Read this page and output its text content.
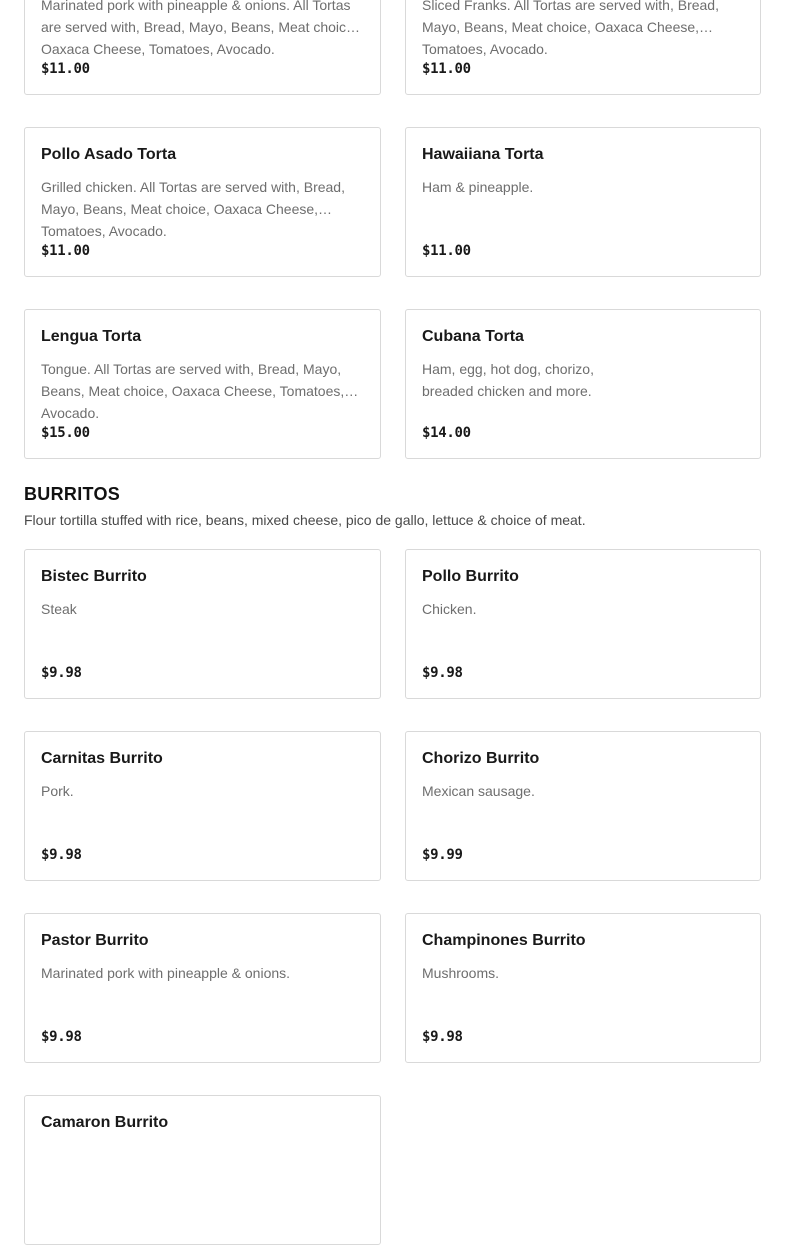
Marinated pork with pineapple & onions. All Tortas are served with, Bread, Mayo, Beans, Meat choice, Oaxaca Cheese, Tomatoes, Avocado.
$11.00
Sliced Franks. All Tortas are served with, Bread, Mayo, Beans, Meat choice, Oaxaca Cheese, Tomatoes, Avocado.
$11.00
Pollo Asado Torta
Grilled chicken. All Tortas are served with, Bread, Mayo, Beans, Meat choice, Oaxaca Cheese, Tomatoes, Avocado.
$11.00
Hawaiiana Torta
Ham & pineapple.
$11.00
Lengua Torta
Tongue. All Tortas are served with, Bread, Mayo, Beans, Meat choice, Oaxaca Cheese, Tomatoes, Avocado.
$15.00
Cubana Torta
Ham, egg, hot dog, chorizo, breaded chicken and more.
$14.00
BURRITOS
Flour tortilla stuffed with rice, beans, mixed cheese, pico de gallo, lettuce & choice of meat.
Bistec Burrito
Steak
$9.98
Pollo Burrito
Chicken.
$9.98
Carnitas Burrito
Pork.
$9.98
Chorizo Burrito
Mexican sausage.
$9.99
Pastor Burrito
Marinated pork with pineapple & onions.
$9.98
Champinones Burrito
Mushrooms.
$9.98
Camaron Burrito
